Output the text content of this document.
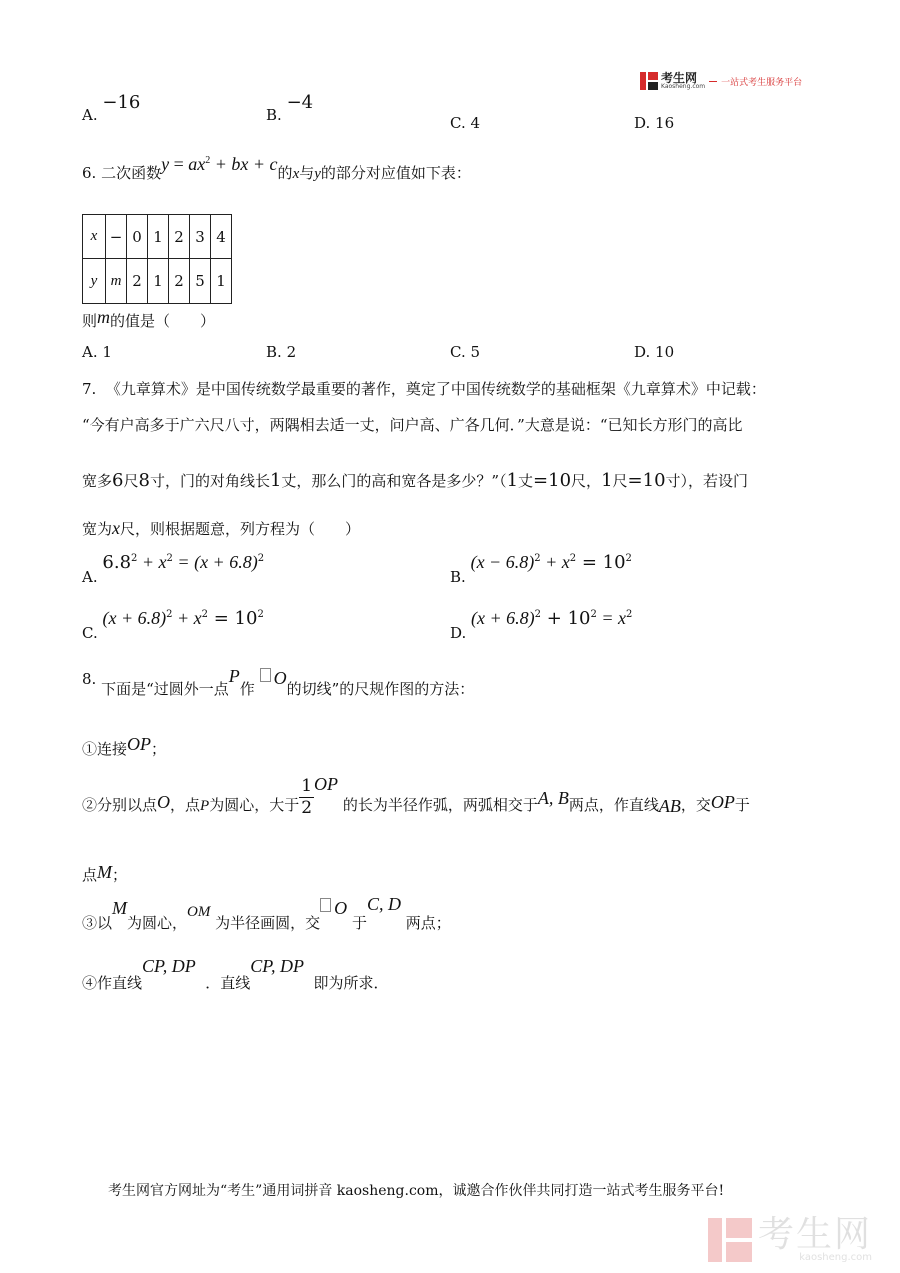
考生网
Kaosheng.com 一站式考生服务平台
A. −16
B. −4
C. 4	D. 16
6. 二次函数$y = ax^2$ + bx + c的x与y的部分对应值如下表：
x	−	0	1	2	3	4
y	m	2	1	2	5	1
则m的值是（　　）
A. 1	B. 2	C. 5	D. 10
7. 《九章算术》是中国传统数学最重要的著作，奠定了中国传统数学的基础框架《九章算术》中记载：
“今有户高多于广六尺八寸，两隅相去适一丈，问户高、广各几何．”大意是说：“已知长方形门的高比
宽多6尺8寸，门的对角线长1丈，那么门的高和宽各是多少？”（1丈=10尺，1尺=10寸），若设门
宽为x尺，则根据题意，列方程为（　　）
A. $6.8^2 + x^2 = (x + 6.8)^2$
B. $(x - 6.8)^2 + x^2 = 10^2$
C. $(x + 6.8)^2 + x^2 = 10^2$
D. $(x + 6.8)^2 + 10^2 = x^2$
8. 下面是“过圆外一点P作 O的切线”的尺规作图的方法：
①连接OP；
②分别以点O，点P为圆心，大于 $\frac{1}{2}$ OP 的长为半径作弧，两弧相交于A, B两点，作直线AB，交OP于
点M；
③以M为圆心，OM 为半径画圆，交O 于C, D 两点；
④作直线CP, DP  ．直线CP, DP  即为所求．
考生网官方网址为“考生”通用词拼音 kaosheng.com，诚邀合作伙伴共同打造一站式考生服务平台!
考生网
kaosheng.com
